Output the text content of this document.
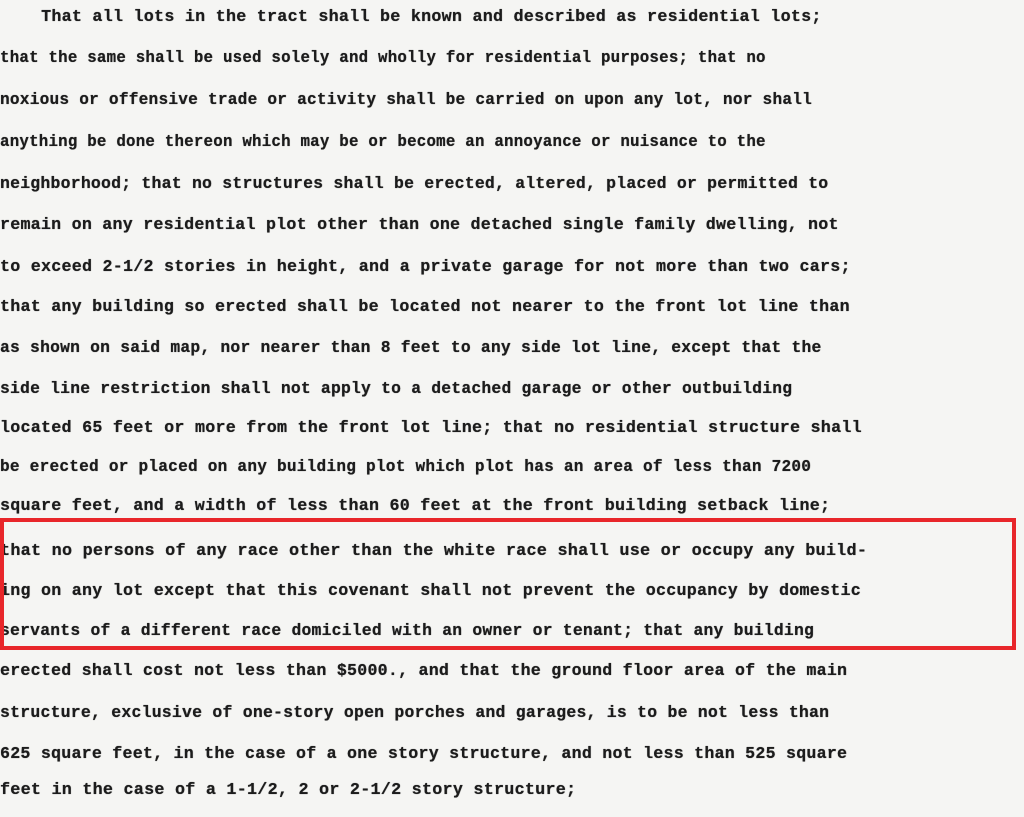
That all lots in the tract shall be known and described as residential lots;
that the same shall be used solely and wholly for residential purposes; that no
noxious or offensive trade or activity shall be carried on upon any lot, nor shall
anything be done thereon which may be or become an annoyance or nuisance to the
neighborhood; that no structures shall be erected, altered, placed or permitted to
remain on any residential plot other than one detached single family dwelling, not
to exceed 2-1/2 stories in height, and a private garage for not more than two cars;
that any building so erected shall be located not nearer to the front lot line than
as shown on said map, nor nearer than 8 feet to any side lot line, except that the
side line restriction shall not apply to a detached garage or other outbuilding
located 65 feet or more from the front lot line; that no residential structure shall
be erected or placed on any building plot which plot has an area of less than 7200
square feet, and a width of less than 60 feet at the front building setback line;
that no persons of any race other than the white race shall use or occupy any build-
ing on any lot except that this covenant shall not prevent the occupancy by domestic
servants of a different race domiciled with an owner or tenant; that any building
erected shall cost not less than $5000., and that the ground floor area of the main
structure, exclusive of one-story open porches and garages, is to be not less than
625 square feet, in the case of a one story structure, and not less than 525 square
feet in the case of a 1-1/2, 2 or 2-1/2 story structure;
